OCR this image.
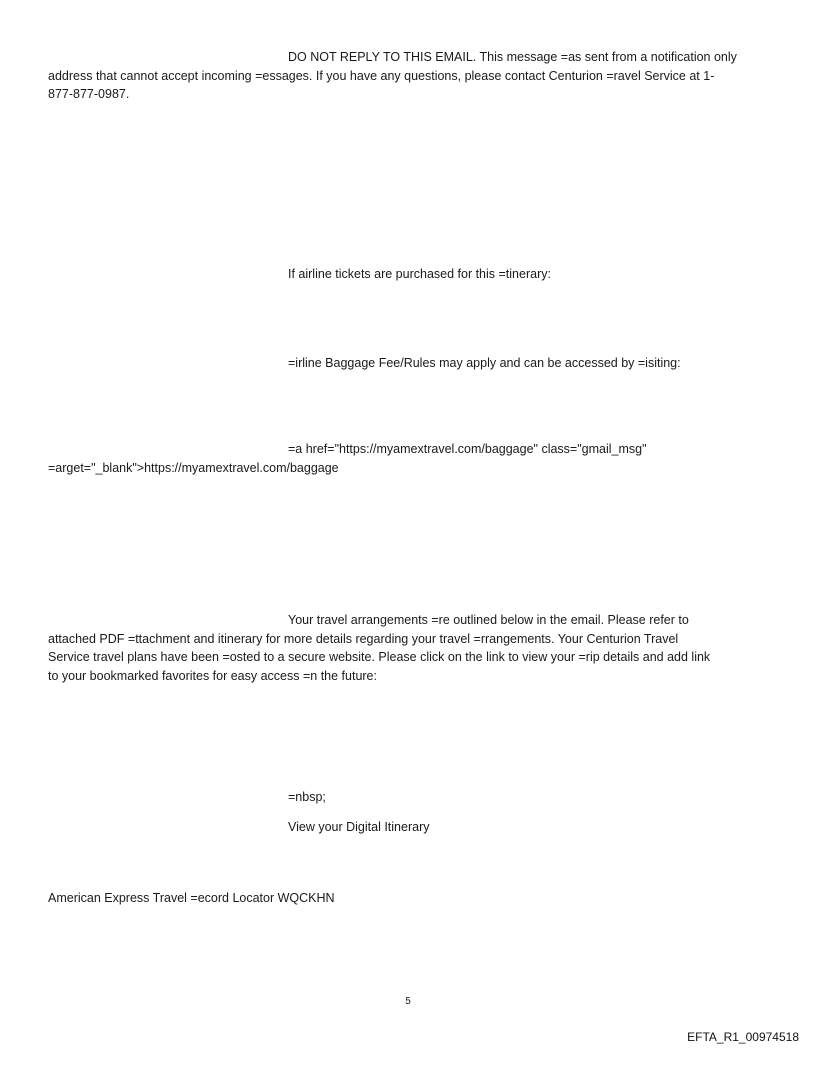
DO NOT REPLY TO THIS EMAIL. This message =as sent from a notification only
address that cannot accept incoming =essages. If you have any questions, please contact Centurion =ravel Service at 1-
877-877-0987.

If airline tickets are purchased for this =tinerary:

=irline Baggage Fee/Rules may apply and can be accessed by =isiting:

=a href="https://myamextravel.com/baggage" class="gmail_msg"
=arget="_blank">https://myamextravel.com/baggage
Your travel arrangements =re outlined below in the email. Please refer to
attached PDF =ttachment and itinerary for more details regarding your travel =rrangements. Your Centurion Travel
Service travel plans have been =osted to a secure website. Please click on the link to view your =rip details and add link
to your bookmarked favorites for easy access =n the future:

=nbsp;

View your Digital Itinerary

American Express Travel =ecord Locator WQCKHN

5
EFTA_R1_00974518
